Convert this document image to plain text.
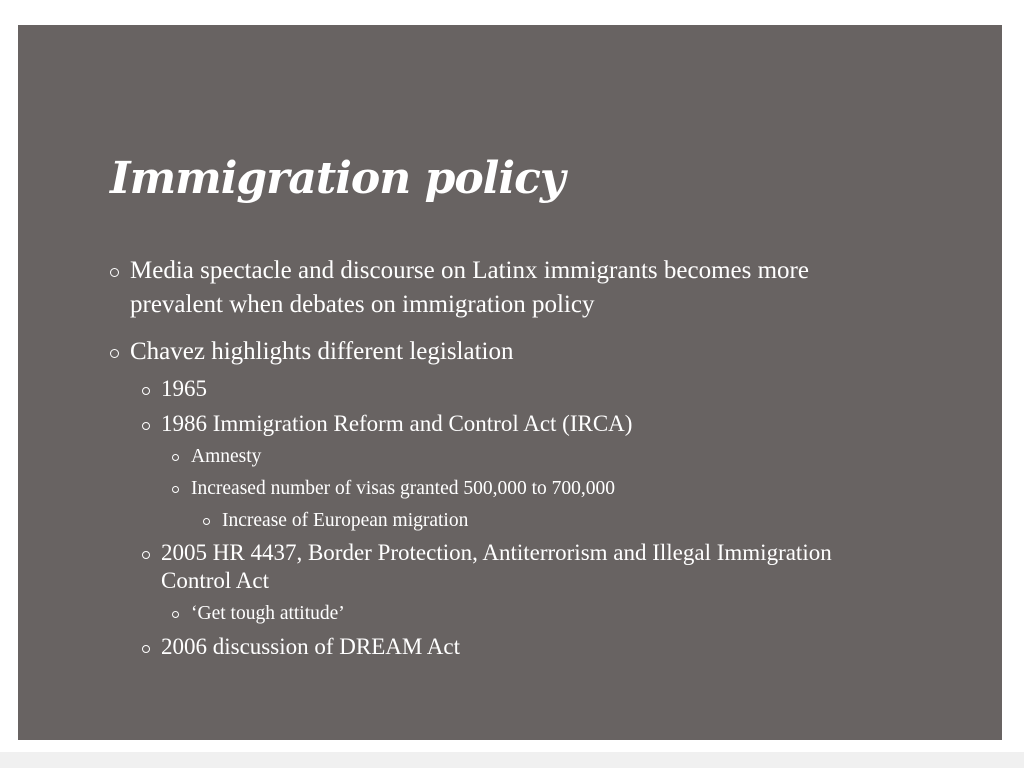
Immigration policy
Media spectacle and discourse on Latinx immigrants becomes more
prevalent when debates on immigration policy
Chavez highlights different legislation
1965
1986 Immigration Reform and Control Act (IRCA)
Amnesty
Increased number of visas granted 500,000 to 700,000
Increase of European migration
2005 HR 4437, Border Protection, Antiterrorism and Illegal Immigration
Control Act
‘Get tough attitude’
2006 discussion of DREAM Act
